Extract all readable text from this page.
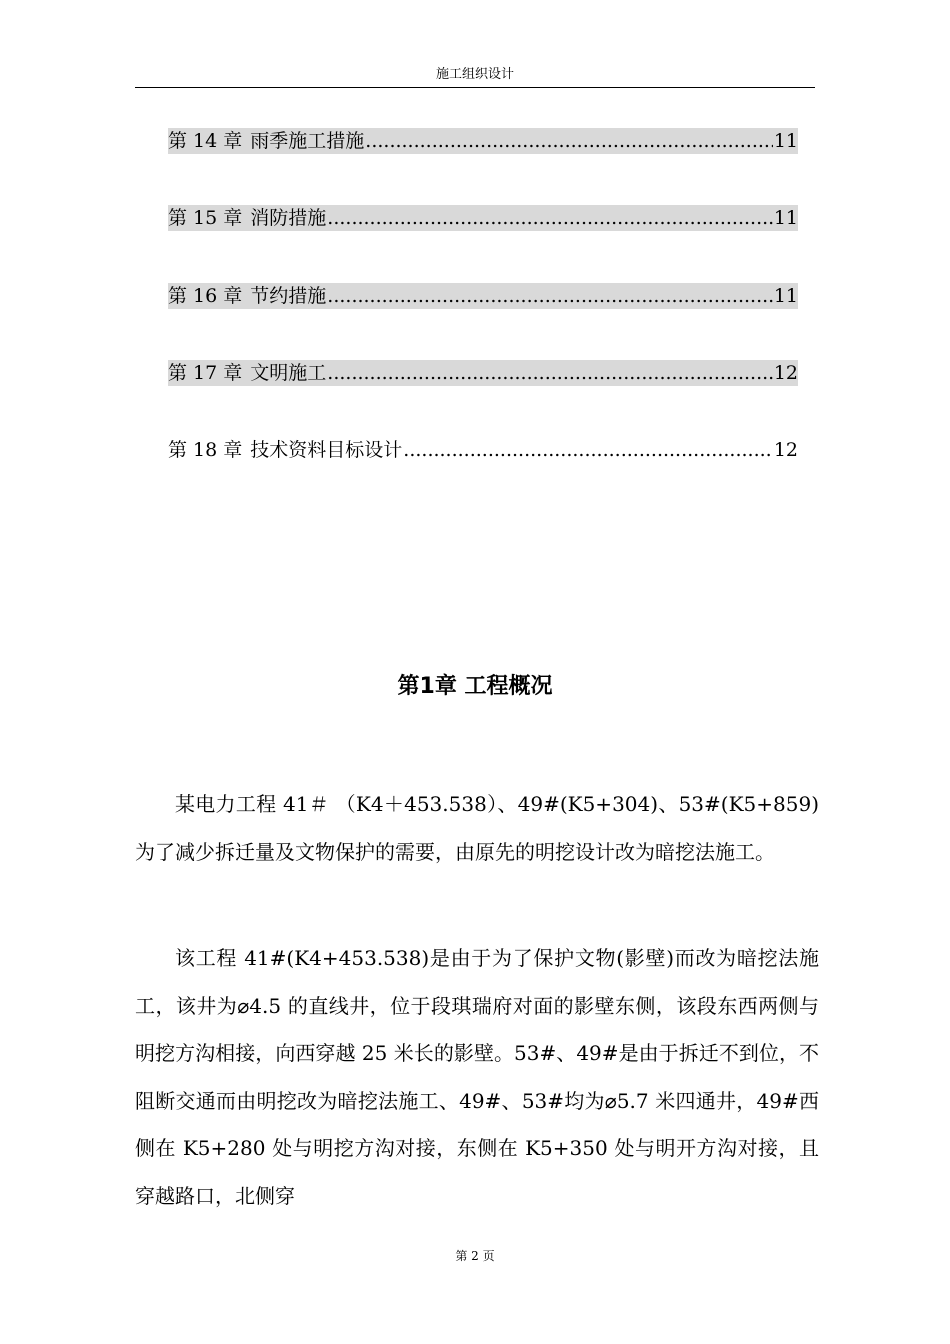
施工组织设计
第 14 章 雨季施工措施 .....	11
第 15 章 消防措施 .....	11
第 16 章 节约措施 .....	11
第 17 章 文明施工 .....	12
第 18 章 技术资料目标设计 .....	12
第1章 工程概况

某电力工程 41＃ （K4＋453.538）、49#(K5+304)、53#(K5+859)为了减少拆迁量及文物保护的需要，由原先的明挖设计改为暗挖法施工。

该工程 41#(K4+453.538)是由于为了保护文物(影壁)而改为暗挖法施工，该井为⌀4.5 的直线井，位于段琪瑞府对面的影壁东侧，该段东西两侧与明挖方沟相接，向西穿越 25 米长的影壁。53#、49#是由于拆迁不到位，不阻断交通而由明挖改为暗挖法施工、49#、53#均为⌀5.7 米四通井，49#西侧在 K5+280 处与明挖方沟对接，东侧在 K5+350 处与明开方沟对接，且穿越路口，北侧穿

第 2 页
